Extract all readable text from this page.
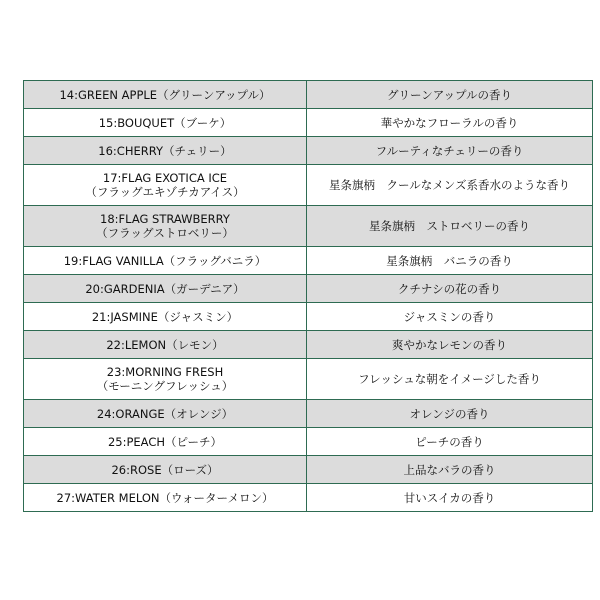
14:GREEN APPLE（グリーンアップル）	グリーンアップルの香り

15:BOUQUET（ブーケ）	華やかなフローラルの香り

16:CHERRY（チェリー）	フルーティなチェリーの香り

17:FLAG EXOTICA ICE
（フラッグエキゾチカアイス）	星条旗柄　クールなメンズ系香水のような香り

18:FLAG STRAWBERRY
（フラッグストロベリー）	星条旗柄　ストロベリーの香り

19:FLAG VANILLA（フラッグバニラ）	星条旗柄　バニラの香り

20:GARDENIA（ガーデニア）	クチナシの花の香り

21:JASMINE（ジャスミン）	ジャスミンの香り

22:LEMON（レモン）	爽やかなレモンの香り

23:MORNING FRESH
（モーニングフレッシュ）	フレッシュな朝をイメージした香り

24:ORANGE（オレンジ）	オレンジの香り

25:PEACH（ピーチ）	ピーチの香り

26:ROSE（ローズ）	上品なバラの香り

27:WATER MELON（ウォーターメロン）	甘いスイカの香り
